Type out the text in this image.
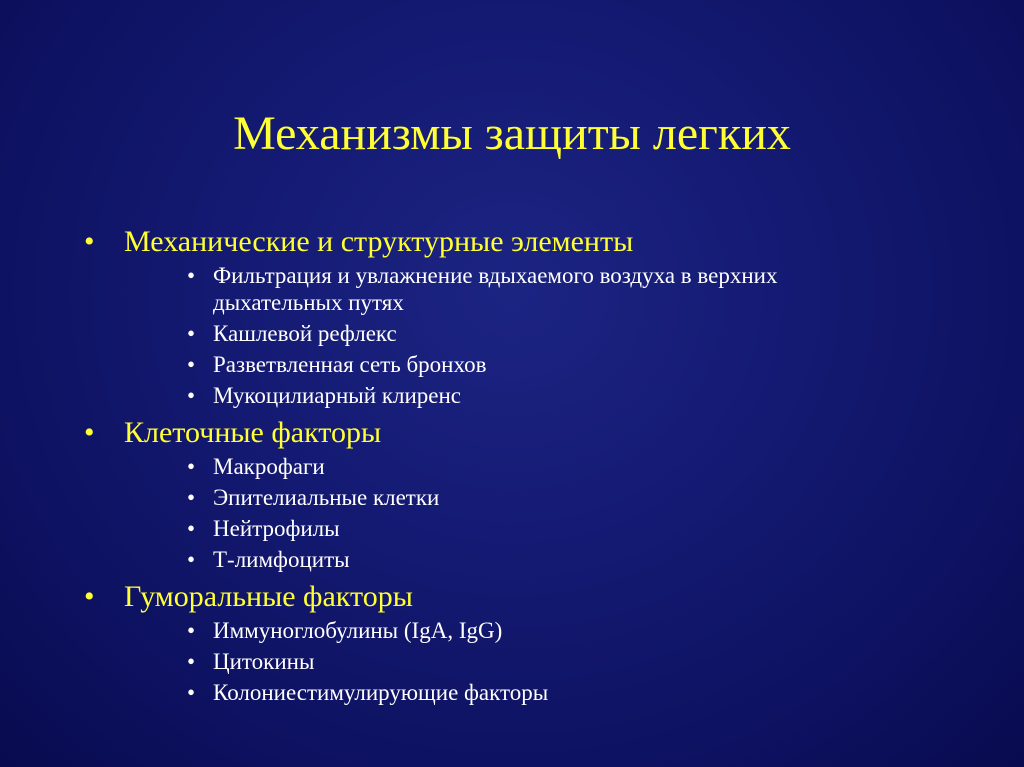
Механизмы защиты легких
• Механические и структурные элементы
• Фильтрация и увлажнение вдыхаемого воздуха в верхних дыхательных путях
• Кашлевой рефлекс
• Разветвленная сеть бронхов
• Мукоцилиарный клиренс
• Клеточные факторы
• Макрофаги
• Эпителиальные клетки
• Нейтрофилы
• Т-лимфоциты
• Гуморальные факторы
• Иммуноглобулины (IgA, IgG)
• Цитокины
• Колониестимулирующие факторы
